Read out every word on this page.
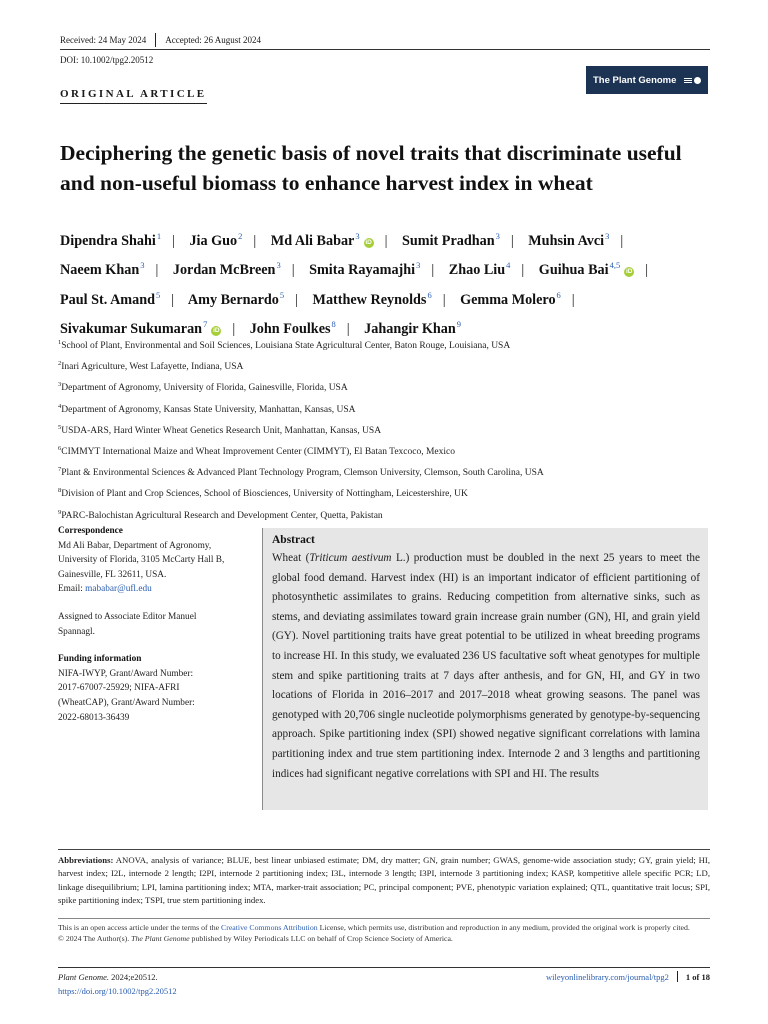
Received: 24 May 2024 Accepted: 26 August 2024
DOI: 10.1002/tpg2.20512
The Plant Genome
ORIGINAL ARTICLE
Deciphering the genetic basis of novel traits that discriminate useful and non-useful biomass to enhance harvest index in wheat
Dipendra Shahi$^1$ | Jia Guo$^2$ | Md Ali Babar$^3$iD | Sumit Pradhan$^3$ | Muhsin Avci$^3$ |
Naeem Khan$^3$ | Jordan McBreen$^3$ | Smita Rayamajhi$^3$ | Zhao Liu$^4$ | Guihua Bai$^{4,5}$iD |
Paul St. Amand$^5$ | Amy Bernardo$^5$ | Matthew Reynolds$^6$ | Gemma Molero$^6$ |
Sivakumar Sukumaran$^7$iD | John Foulkes$^8$ | Jahangir Khan$^9$
$^1$School of Plant, Environmental and Soil Sciences, Louisiana State Agricultural Center, Baton Rouge, Louisiana, USA
$^2$Inari Agriculture, West Lafayette, Indiana, USA
$^3$Department of Agronomy, University of Florida, Gainesville, Florida, USA
$^4$Department of Agronomy, Kansas State University, Manhattan, Kansas, USA
$^5$USDA-ARS, Hard Winter Wheat Genetics Research Unit, Manhattan, Kansas, USA
$^6$CIMMYT International Maize and Wheat Improvement Center (CIMMYT), El Batan Texcoco, Mexico
$^7$Plant & Environmental Sciences & Advanced Plant Technology Program, Clemson University, Clemson, South Carolina, USA
$^8$Division of Plant and Crop Sciences, School of Biosciences, University of Nottingham, Leicestershire, UK
$^9$PARC-Balochistan Agricultural Research and Development Center, Quetta, Pakistan
Correspondence
Md Ali Babar, Department of Agronomy,
University of Florida, 3105 McCarty Hall B,
Gainesville, FL 32611, USA.
Email: mababar@ufl.edu
Assigned to Associate Editor Manuel
Spannagl.
Funding information
NIFA-IWYP, Grant/Award Number:
2017-67007-25929; NIFA-AFRI
(WheatCAP), Grant/Award Number:
2022-68013-36439
Abstract

Wheat (Triticum aestivum L.) production must be doubled in the next 25 years to meet the global food demand. Harvest index (HI) is an important indicator of efficient partitioning of photosynthetic assimilates to grains. Reducing competition from alternative sinks, such as stems, and deviating assimilates toward grain increase grain number (GN), HI, and grain yield (GY). Novel partitioning traits have great potential to be utilized in wheat breeding programs to increase HI. In this study, we evaluated 236 US facultative soft wheat genotypes for multiple stem and spike partitioning traits at 7 days after anthesis, and for GN, HI, and GY in two locations of Florida in 2016–2017 and 2017–2018 wheat growing seasons. The panel was genotyped with 20,706 single nucleotide polymorphisms generated by genotype-by-sequencing approach. Spike partitioning index (SPI) showed negative significant correlations with lamina partitioning index and true stem partitioning index. Internode 2 and 3 lengths and partitioning indices had significant negative correlations with SPI and HI. The results

Abbreviations: ANOVA, analysis of variance; BLUE, best linear unbiased estimate; DM, dry matter; GN, grain number; GWAS, genome-wide association study; GY, grain yield; HI, harvest index; I2L, internode 2 length; I2PI, internode 2 partitioning index; I3L, internode 3 length; I3PI, internode 3 partitioning index; KASP, kompetitive allele specific PCR; LD, linkage disequilibrium; LPI, lamina partitioning index; MTA, marker-trait association; PC, principal component; PVE, phenotypic variation explained; QTL, quantitative trait locus; SPI, spike partitioning index; TSPI, true stem partitioning index.
This is an open access article under the terms of the Creative Commons Attribution License, which permits use, distribution and reproduction in any medium, provided the original work is properly cited.
© 2024 The Author(s). The Plant Genome published by Wiley Periodicals LLC on behalf of Crop Science Society of America.
Plant Genome. 2024;e20512.
https://doi.org/10.1002/tpg2.20512
wileyonlinelibrary.com/journal/tpg2 1 of 18
